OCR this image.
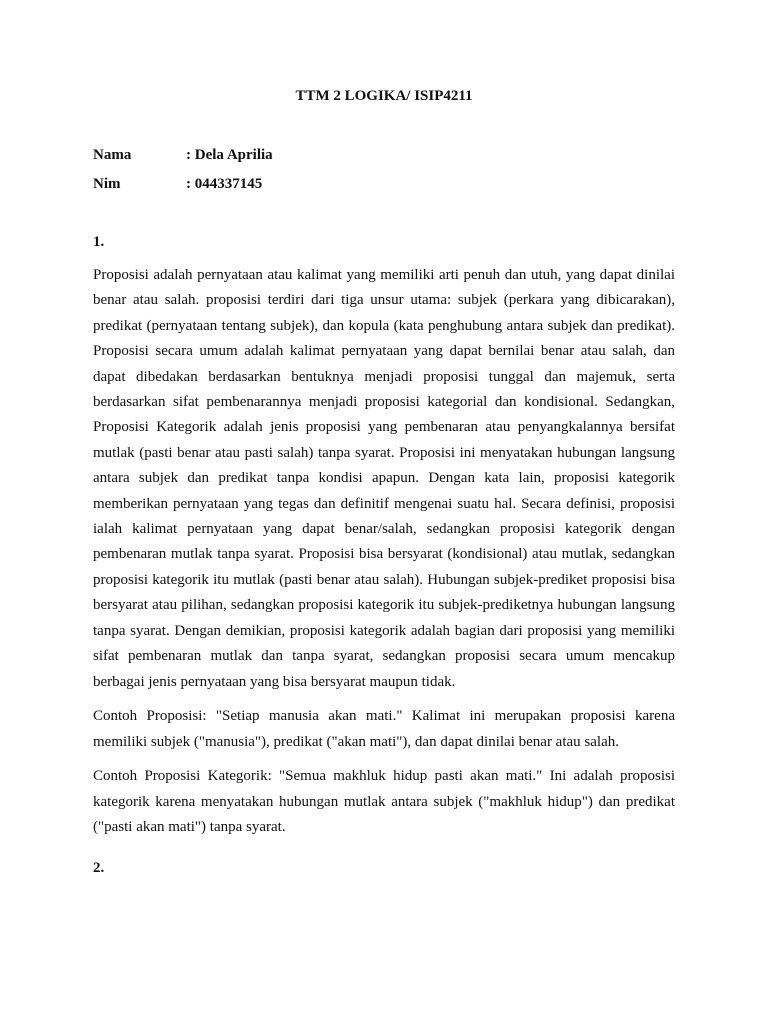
TTM 2 LOGIKA/ ISIP4211
Nama	: Dela Aprilia
Nim	: 044337145
1.

Proposisi adalah pernyataan atau kalimat yang memiliki arti penuh dan utuh, yang dapat dinilai benar atau salah. proposisi terdiri dari tiga unsur utama: subjek (perkara yang dibicarakan), predikat (pernyataan tentang subjek), dan kopula (kata penghubung antara subjek dan predikat). Proposisi secara umum adalah kalimat pernyataan yang dapat bernilai benar atau salah, dan dapat dibedakan berdasarkan bentuknya menjadi proposisi tunggal dan majemuk, serta berdasarkan sifat pembenarannya menjadi proposisi kategorial dan kondisional. Sedangkan, Proposisi Kategorik adalah jenis proposisi yang pembenaran atau penyangkalannya bersifat mutlak (pasti benar atau pasti salah) tanpa syarat. Proposisi ini menyatakan hubungan langsung antara subjek dan predikat tanpa kondisi apapun. Dengan kata lain, proposisi kategorik memberikan pernyataan yang tegas dan definitif mengenai suatu hal. Secara definisi, proposisi ialah kalimat pernyataan yang dapat benar/salah, sedangkan proposisi kategorik dengan pembenaran mutlak tanpa syarat. Proposisi bisa bersyarat (kondisional) atau mutlak, sedangkan proposisi kategorik itu mutlak (pasti benar atau salah). Hubungan subjek-prediket proposisi bisa bersyarat atau pilihan, sedangkan proposisi kategorik itu subjek-prediketnya hubungan langsung tanpa syarat. Dengan demikian, proposisi kategorik adalah bagian dari proposisi yang memiliki sifat pembenaran mutlak dan tanpa syarat, sedangkan proposisi secara umum mencakup berbagai jenis pernyataan yang bisa bersyarat maupun tidak.

Contoh Proposisi: "Setiap manusia akan mati." Kalimat ini merupakan proposisi karena memiliki subjek ("manusia"), predikat ("akan mati"), dan dapat dinilai benar atau salah.

Contoh Proposisi Kategorik: "Semua makhluk hidup pasti akan mati." Ini adalah proposisi kategorik karena menyatakan hubungan mutlak antara subjek ("makhluk hidup") dan predikat ("pasti akan mati") tanpa syarat.

2.
